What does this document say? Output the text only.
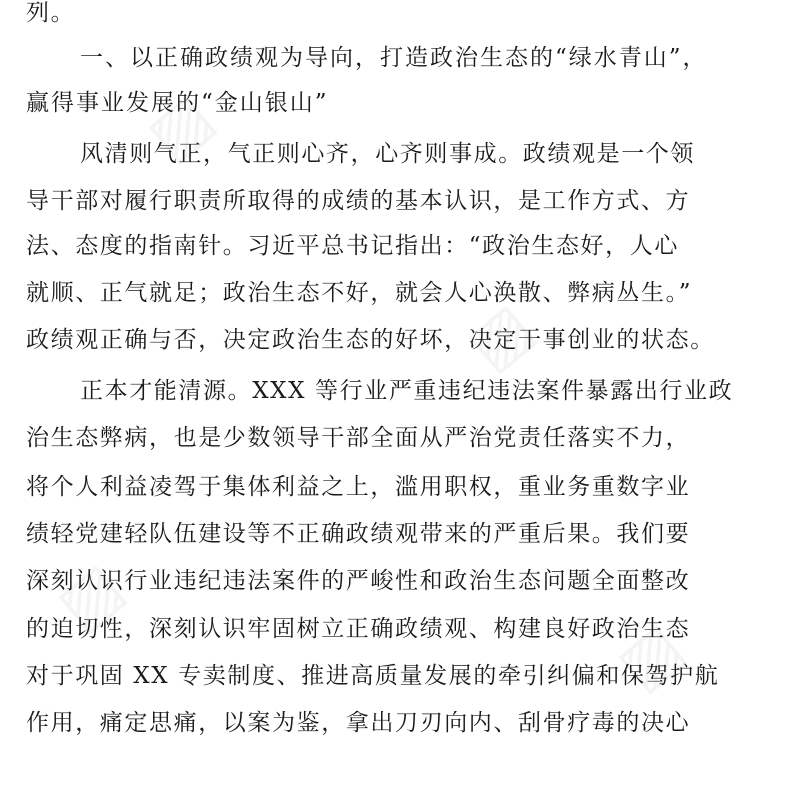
列。
一、以正确政绩观为导向，打造政治生态的“绿水青山”，
赢得事业发展的“金山银山”
风清则气正，气正则心齐，心齐则事成。政绩观是一个领
导干部对履行职责所取得的成绩的基本认识，是工作方式、方
法、态度的指南针。习近平总书记指出：“政治生态好，人心
就顺、正气就足；政治生态不好，就会人心涣散、弊病丛生。”
政绩观正确与否，决定政治生态的好坏，决定干事创业的状态。
正本才能清源。XXX 等行业严重违纪违法案件暴露出行业政
治生态弊病，也是少数领导干部全面从严治党责任落实不力，
将个人利益凌驾于集体利益之上，滥用职权，重业务重数字业
绩轻党建轻队伍建设等不正确政绩观带来的严重后果。我们要
深刻认识行业违纪违法案件的严峻性和政治生态问题全面整改
的迫切性，深刻认识牢固树立正确政绩观、构建良好政治生态
对于巩固 XX 专卖制度、推进高质量发展的牵引纠偏和保驾护航
作用，痛定思痛，以案为鉴，拿出刀刃向内、刮骨疗毒的决心
